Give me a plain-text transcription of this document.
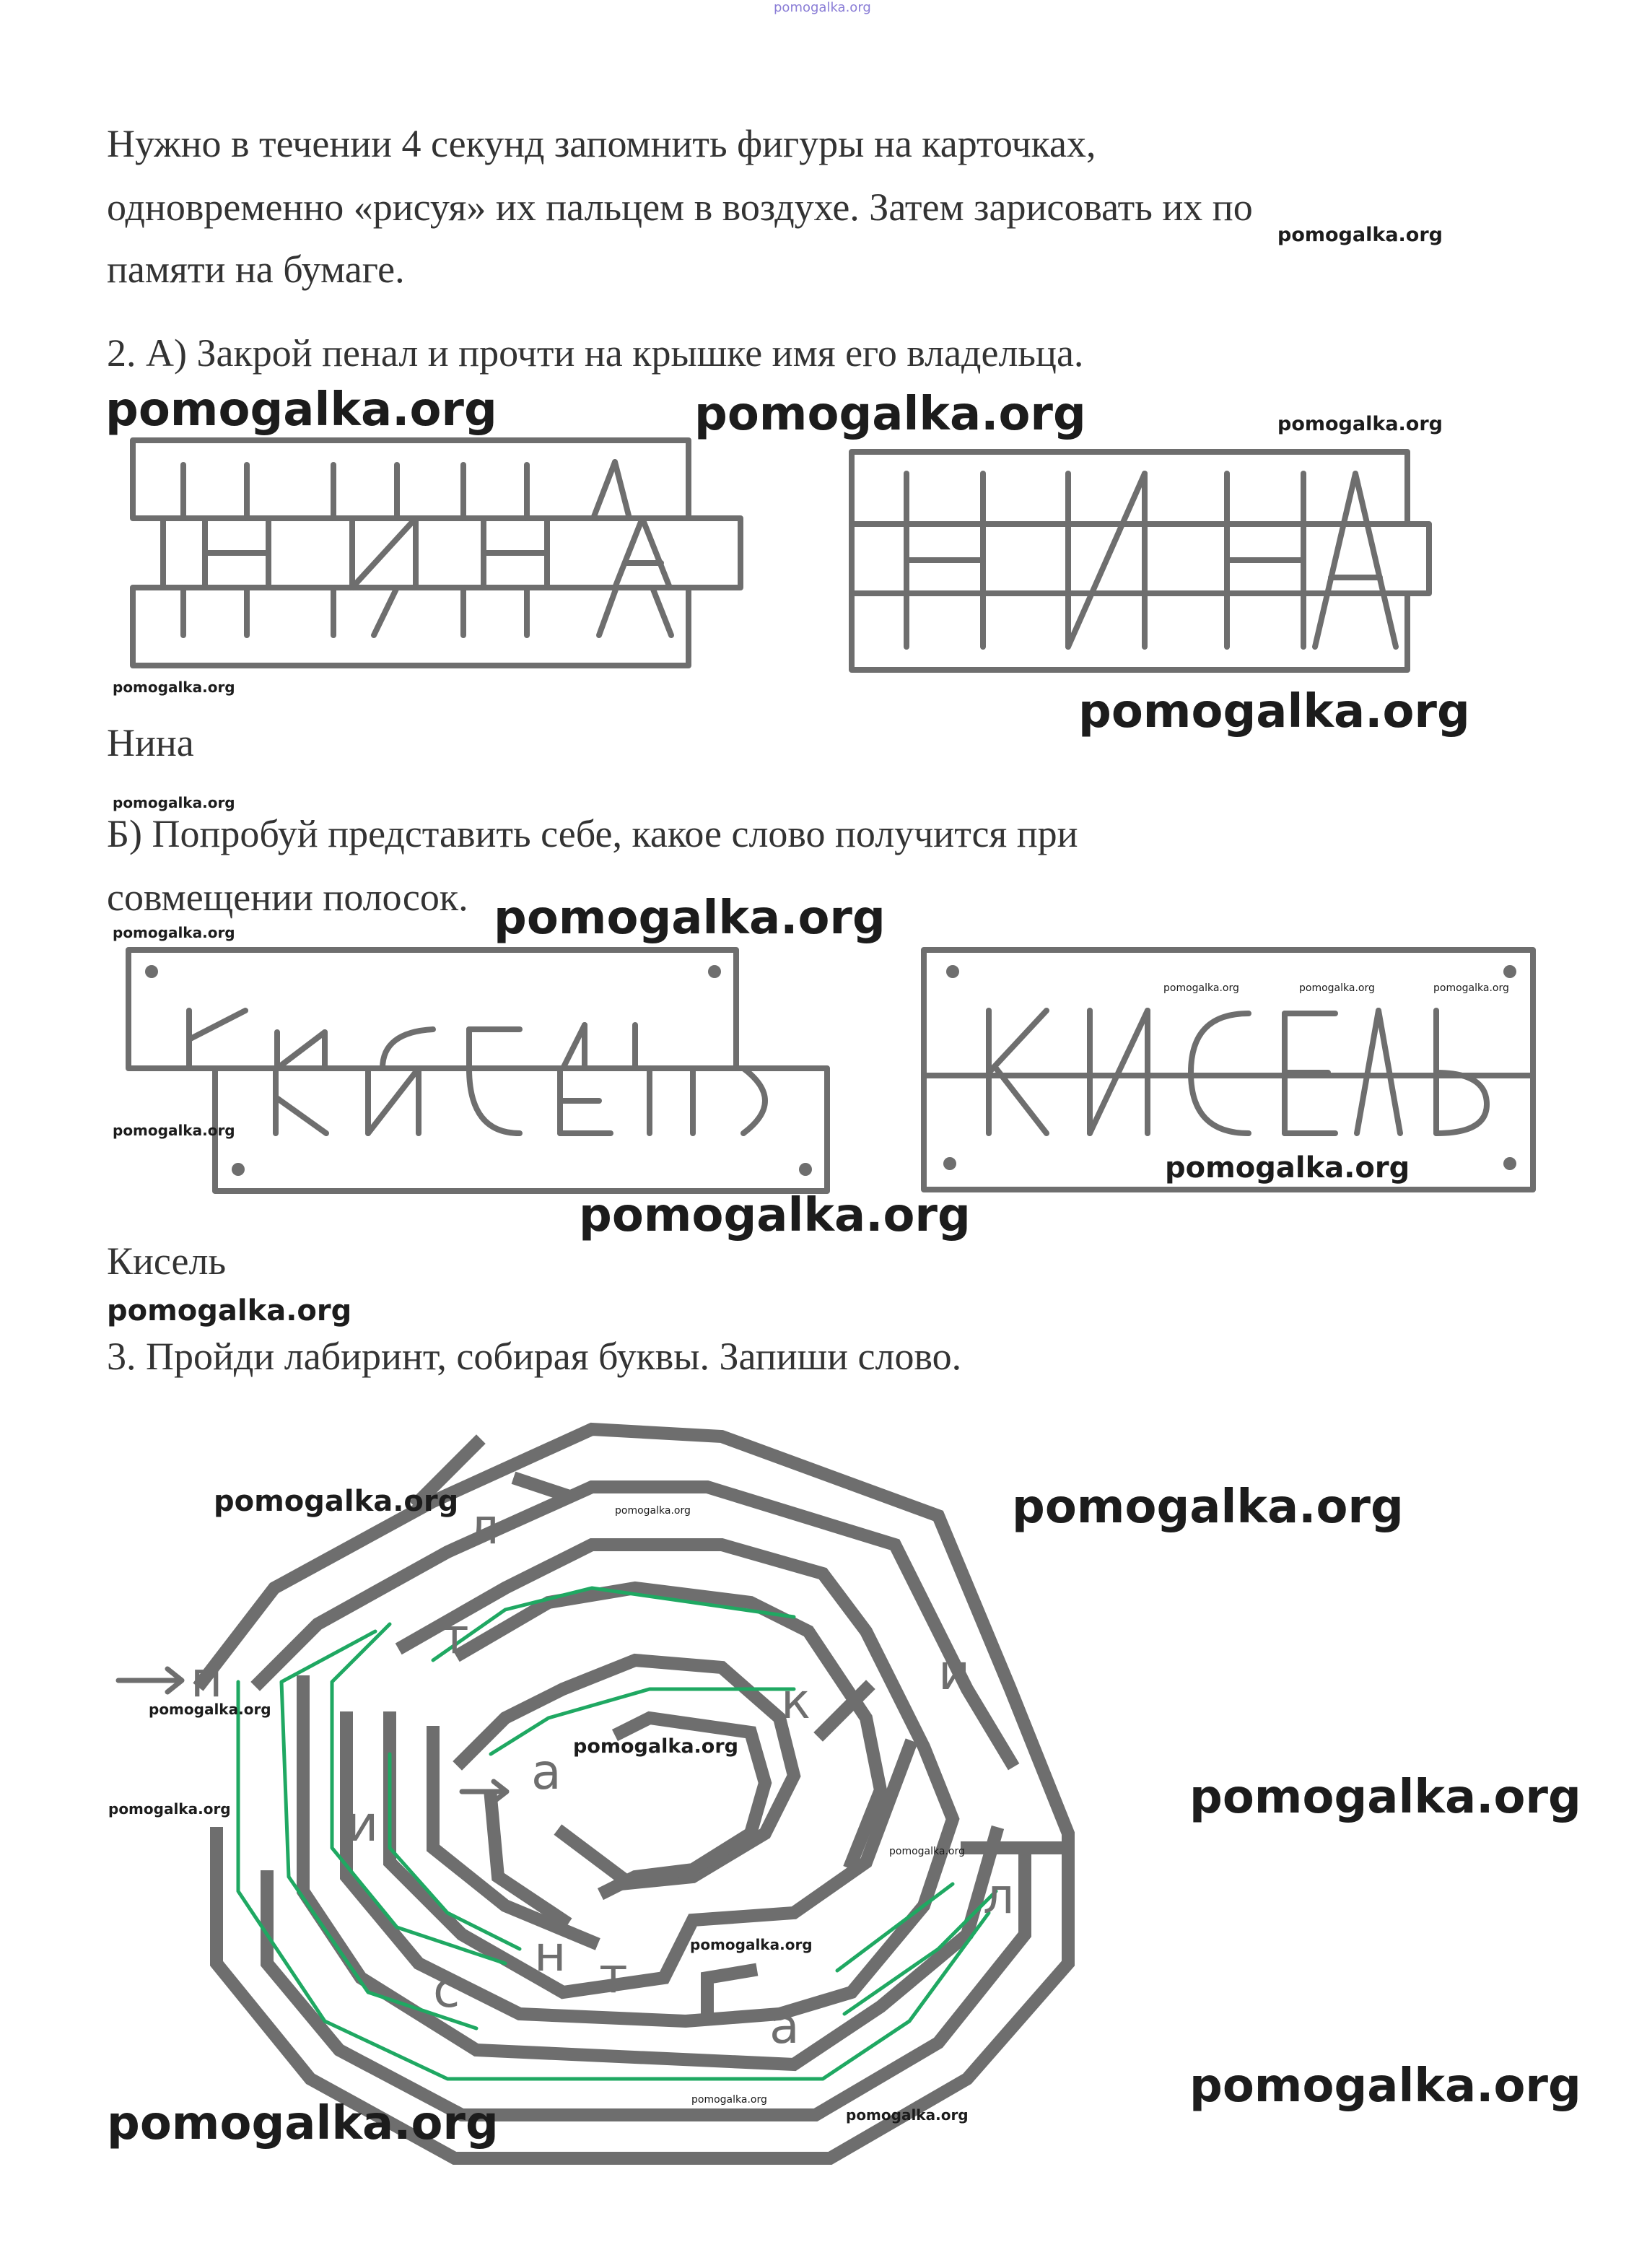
pomogalka.org
Нужно в течении 4 секунд запомнить фигуры на карточках,
одновременно «рисуя» их пальцем в воздухе. Затем зарисовать их по
памяти на бумаге.
2. А) Закрой пенал и прочти на крышке имя его владельца.
Нина
Б) Попробуй представить себе, какое слово получится при
совмещении полосок.
Кисель
3. Пройди лабиринт, собирая буквы. Запиши слово.
п
л
т
и
к
а
и
н т
с
а
л
pomogalka.org
pomogalka.org	pomogalka.org	pomogalka.org
pomogalka.org	pomogalka.org
pomogalka.org
pomogalka.org
pomogalka.org
pomogalka.org	pomogalka.org	pomogalka.org
pomogalka.org
pomogalka.org
pomogalka.org
pomogalka.org
pomogalka.org	pomogalka.org	pomogalka.org
pomogalka.org
pomogalka.org
pomogalka.org
pomogalka.org
pomogalka.org
pomogalka.org
pomogalka.org	pomogalka.org
pomogalka.org
pomogalka.org
